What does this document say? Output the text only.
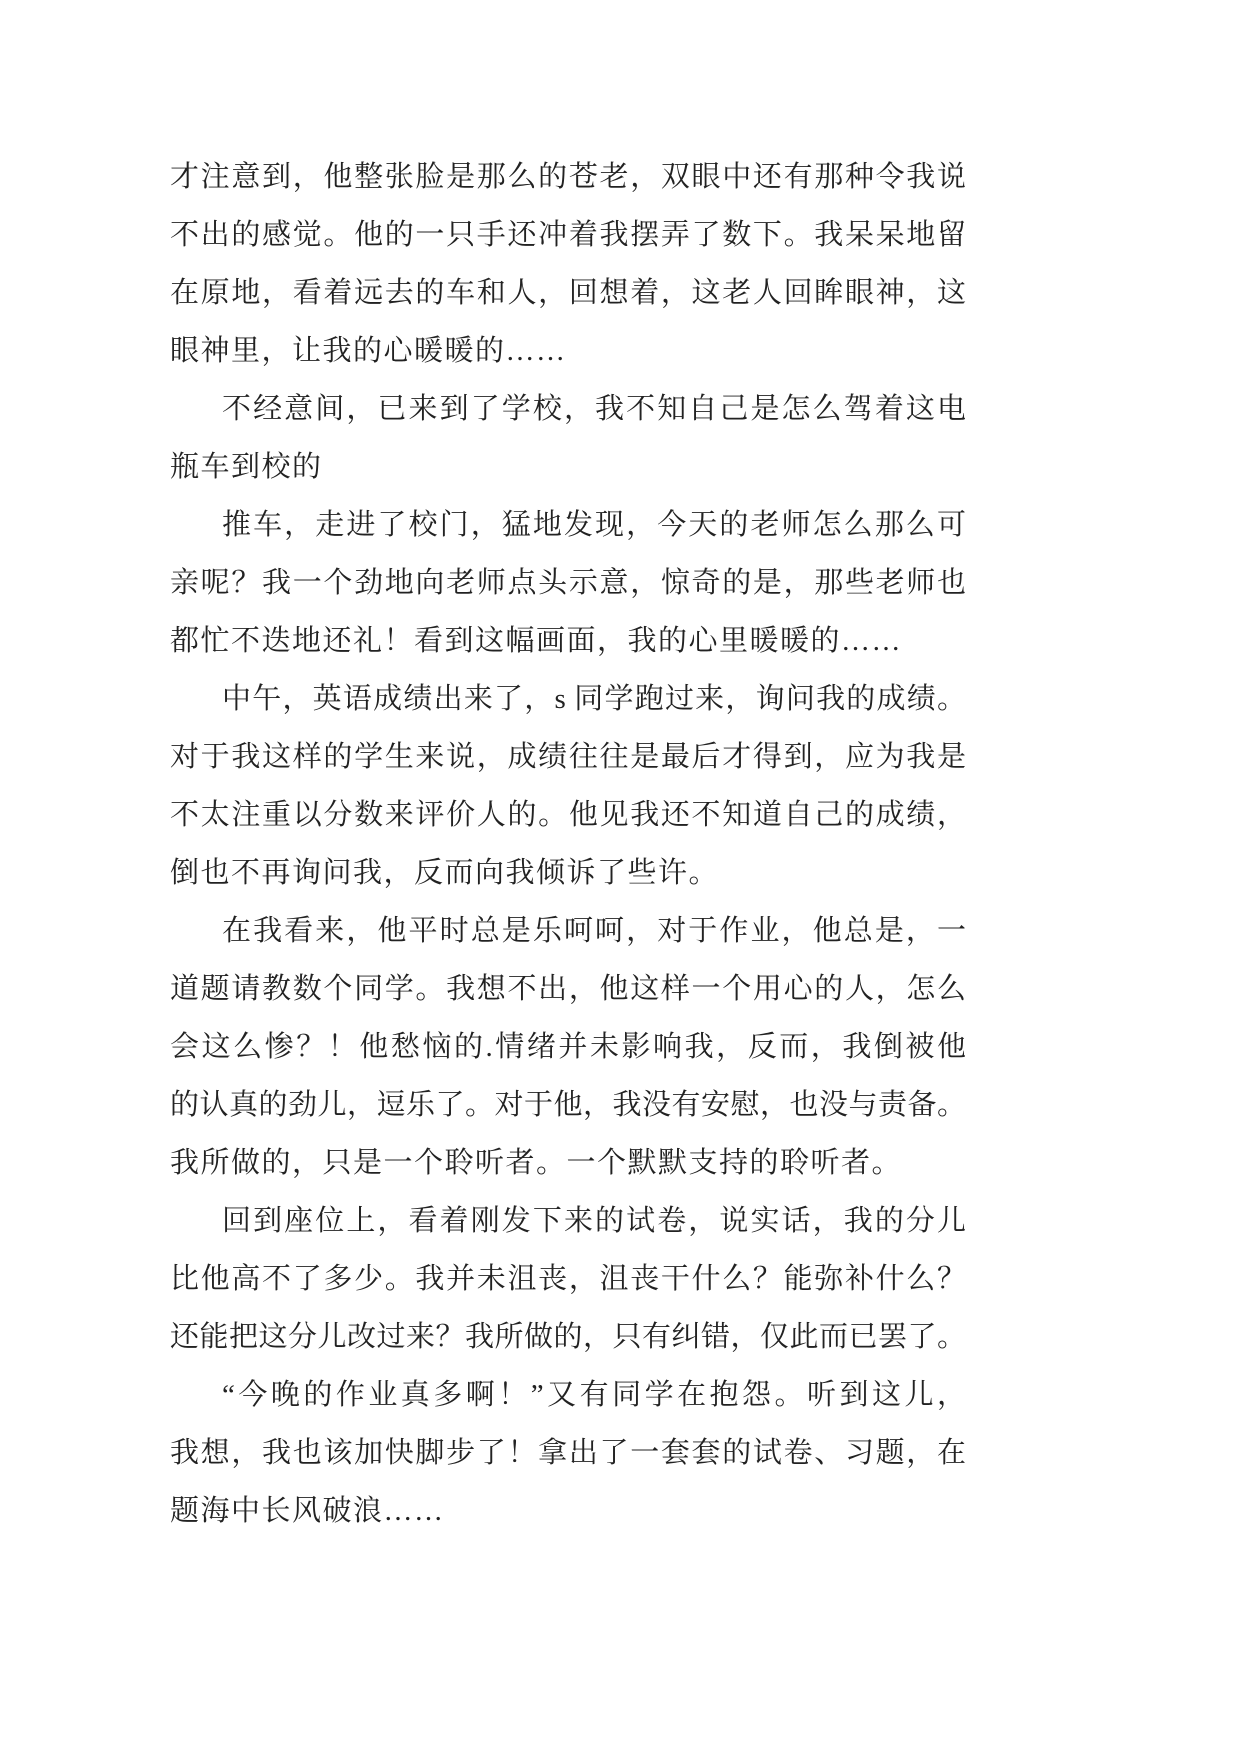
才注意到，他整张脸是那么的苍老，双眼中还有那种令我说
不出的感觉。他的一只手还冲着我摆弄了数下。我呆呆地留
在原地，看着远去的车和人，回想着，这老人回眸眼神，这
眼神里，让我的心暖暖的……
不经意间，已来到了学校，我不知自己是怎么驾着这电
瓶车到校的
推车，走进了校门，猛地发现，今天的老师怎么那么可
亲呢？我一个劲地向老师点头示意，惊奇的是，那些老师也
都忙不迭地还礼！看到这幅画面，我的心里暖暖的……
中午，英语成绩出来了，s 同学跑过来，询问我的成绩。
对于我这样的学生来说，成绩往往是最后才得到，应为我是
不太注重以分数来评价人的。他见我还不知道自己的成绩，
倒也不再询问我，反而向我倾诉了些许。
在我看来，他平时总是乐呵呵，对于作业，他总是，一
道题请教数个同学。我想不出，他这样一个用心的人，怎么
会这么惨？！他愁恼的.情绪并未影响我，反而，我倒被他
的认真的劲儿，逗乐了。对于他，我没有安慰，也没与责备。
我所做的，只是一个聆听者。一个默默支持的聆听者。
回到座位上，看着刚发下来的试卷，说实话，我的分儿
比他高不了多少。我并未沮丧，沮丧干什么？能弥补什么？
还能把这分儿改过来？我所做的，只有纠错，仅此而已罢了。
“今晚的作业真多啊！”又有同学在抱怨。听到这儿，
我想，我也该加快脚步了！拿出了一套套的试卷、习题，在
题海中长风破浪……
